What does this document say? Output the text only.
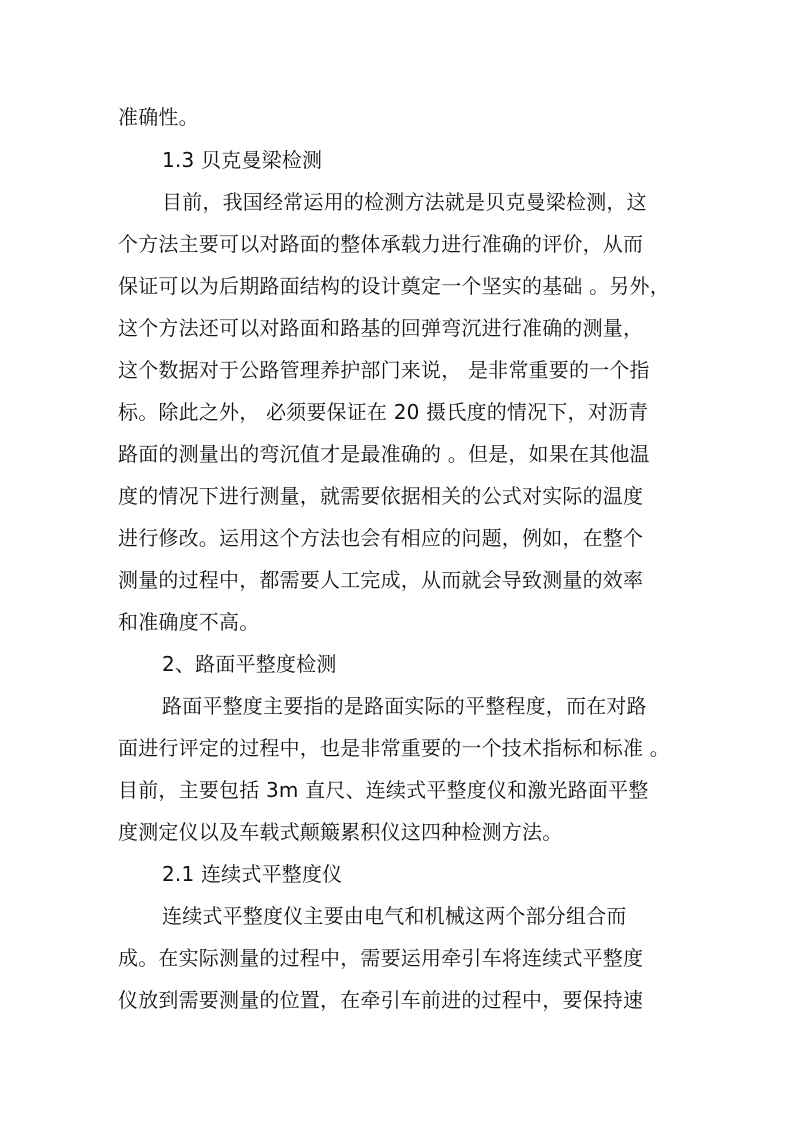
准确性。
1.3 贝克曼梁检测
目前，我国经常运用的检测方法就是贝克曼梁检测，这
个方法主要可以对路面的整体承载力进行准确的评价，从而
保证可以为后期路面结构的设计奠定一个坚实的基础 。另外，
这个方法还可以对路面和路基的回弹弯沉进行准确的测量，
这个数据对于公路管理养护部门来说， 是非常重要的一个指
标。除此之外， 必须要保证在 20 摄氏度的情况下，对沥青
路面的测量出的弯沉值才是最准确的 。但是，如果在其他温
度的情况下进行测量，就需要依据相关的公式对实际的温度
进行修改。运用这个方法也会有相应的问题，例如，在整个
测量的过程中，都需要人工完成，从而就会导致测量的效率
和准确度不高。
2、路面平整度检测
路面平整度主要指的是路面实际的平整程度，而在对路
面进行评定的过程中，也是非常重要的一个技术指标和标准 。
目前，主要包括 3m 直尺、连续式平整度仪和激光路面平整
度测定仪以及车载式颠簸累积仪这四种检测方法。
2.1 连续式平整度仪
连续式平整度仪主要由电气和机械这两个部分组合而
成。在实际测量的过程中，需要运用牵引车将连续式平整度
仪放到需要测量的位置，在牵引车前进的过程中，要保持速
